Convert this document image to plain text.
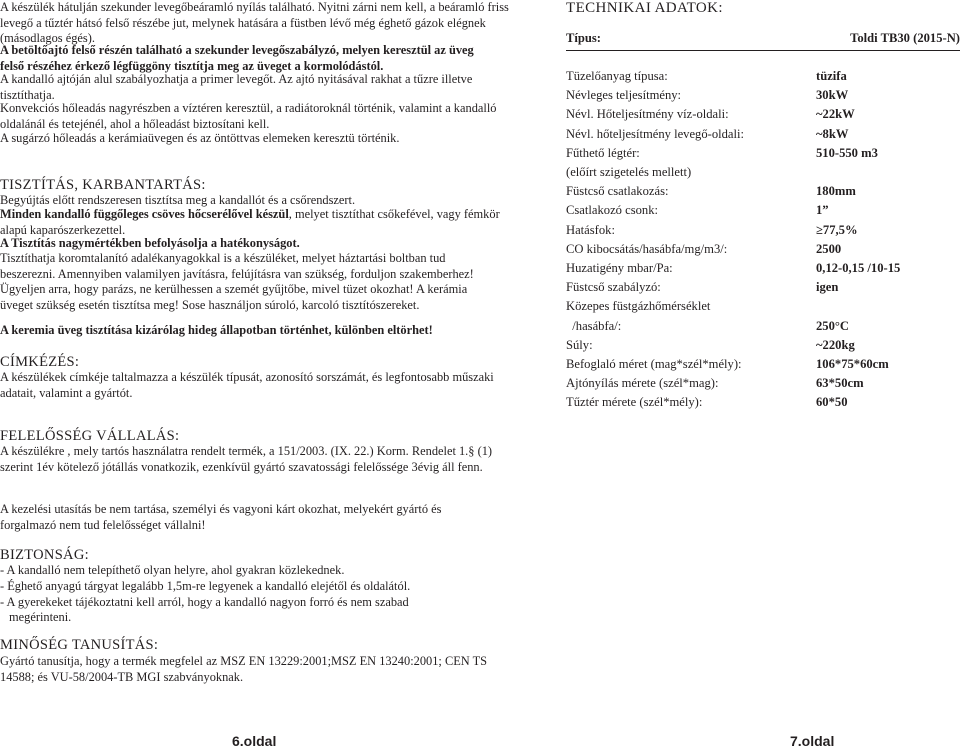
A készülék hátulján szekunder levegőbeáramló nyílás található. Nyitni zárni nem kell, a beáramló friss levegő a tűztér hátsó felső részébe jut, melynek hatására a füstben lévő még éghető gázok elégnek (másodlagos égés).

A betöltőajtó felső részén található a szekunder levegőszabályzó, melyen keresztül az üveg felső részéhez érkező légfüggöny tisztítja meg az üveget a kormolódástól.

A kandalló ajtóján alul szabályozhatja a primer levegőt. Az ajtó nyitásával rakhat a tűzre illetve tisztíthatja.

Konvekciós hőleadás nagyrészben a víztéren keresztül, a radiátoroknál történik, valamint a kandalló oldalánál és tetejénél, ahol a hőleadást biztosítani kell.

A sugárzó hőleadás a kerámiaüvegen és az öntöttvas elemeken keresztü történik.

TISZTÍTÁS, KARBANTARTÁS:

Begyújtás előtt rendszeresen tisztítsa meg a kandallót és a csőrendszert.

Minden kandalló függőleges csöves hőcserélővel készül, melyet tisztíthat csőkefével, vagy fémkör alapú kaparószerkezettel.

A Tisztítás nagymértékben befolyásolja a hatékonyságot.

Tisztíthatja koromtalanító adalékanyagokkal is a készüléket, melyet háztartási boltban tud beszerezni. Amennyiben valamilyen javításra, felújításra van szükség, forduljon szakemberhez! Ügyeljen arra, hogy parázs, ne kerülhessen a szemét gyűjtőbe, mivel tüzet okozhat! A kerámia üveget szükség esetén tisztítsa meg! Sose használjon súroló, karcoló tisztítószereket.

A keremia üveg tisztítása kizárólag hideg állapotban történhet, különben eltörhet!

CÍMKÉZÉS:

A készülékek címkéje taltalmazza a készülék típusát, azonosító sorszámát, és legfontosabb műszaki adatait, valamint a gyártót.

FELELŐSSÉG VÁLLALÁS:

A készülékre , mely tartós használatra rendelt termék, a 151/2003. (IX. 22.) Korm. Rendelet 1.§ (1) szerint 1év kötelező jótállás vonatkozik, ezenkívül gyártó szavatossági felelőssége 3évig áll fenn.

A kezelési utasítás be nem tartása, személyi és vagyoni kárt okozhat, melyekért gyártó és forgalmazó nem tud felelősséget vállalni!

BIZTONSÁG:

- A kandalló nem telepíthető olyan helyre, ahol gyakran közlekednek.

- Éghető anyagú tárgyat legalább 1,5m-re legyenek a kandalló elejétől és oldalától.

- A gyerekeket tájékoztatni kell arról, hogy a kandalló nagyon forró és nem szabad

megérinteni.

MINŐSÉG TANUSÍTÁS:

Gyártó tanusítja, hogy a termék megfelel az MSZ EN 13229:2001;MSZ EN 13240:2001; CEN TS 14588; és VU-58/2004-TB MGI szabványoknak.

TECHNIKAI ADATOK:
Típus:	Toldi TB30 (2015-N)
Tüzelőanyag típusa:	tüzifa
Névleges teljesítmény:	30kW
Névl. Hőteljesítmény víz-oldali:	~22kW
Névl. hőteljesítmény levegő-oldali:	~8kW
Fűthető légtér:	510-550 m3
(előírt szigetelés mellett)
Füstcső csatlakozás:	180mm
Csatlakozó csonk:	1”
Hatásfok:	≥77,5%
CO kibocsátás/hasábfa/mg/m3/:	2500
Huzatigény mbar/Pa:	0,12-0,15 /10-15
Füstcső szabályzó:	igen
Közepes füstgázhőmérséklet
/hasábfa/:	250°C
Súly:	~220kg
Befoglaló méret (mag*szél*mély):	106*75*60cm
Ajtónyílás mérete (szél*mag):	63*50cm
Tűztér mérete (szél*mély):	60*50
6.oldal	7.oldal
